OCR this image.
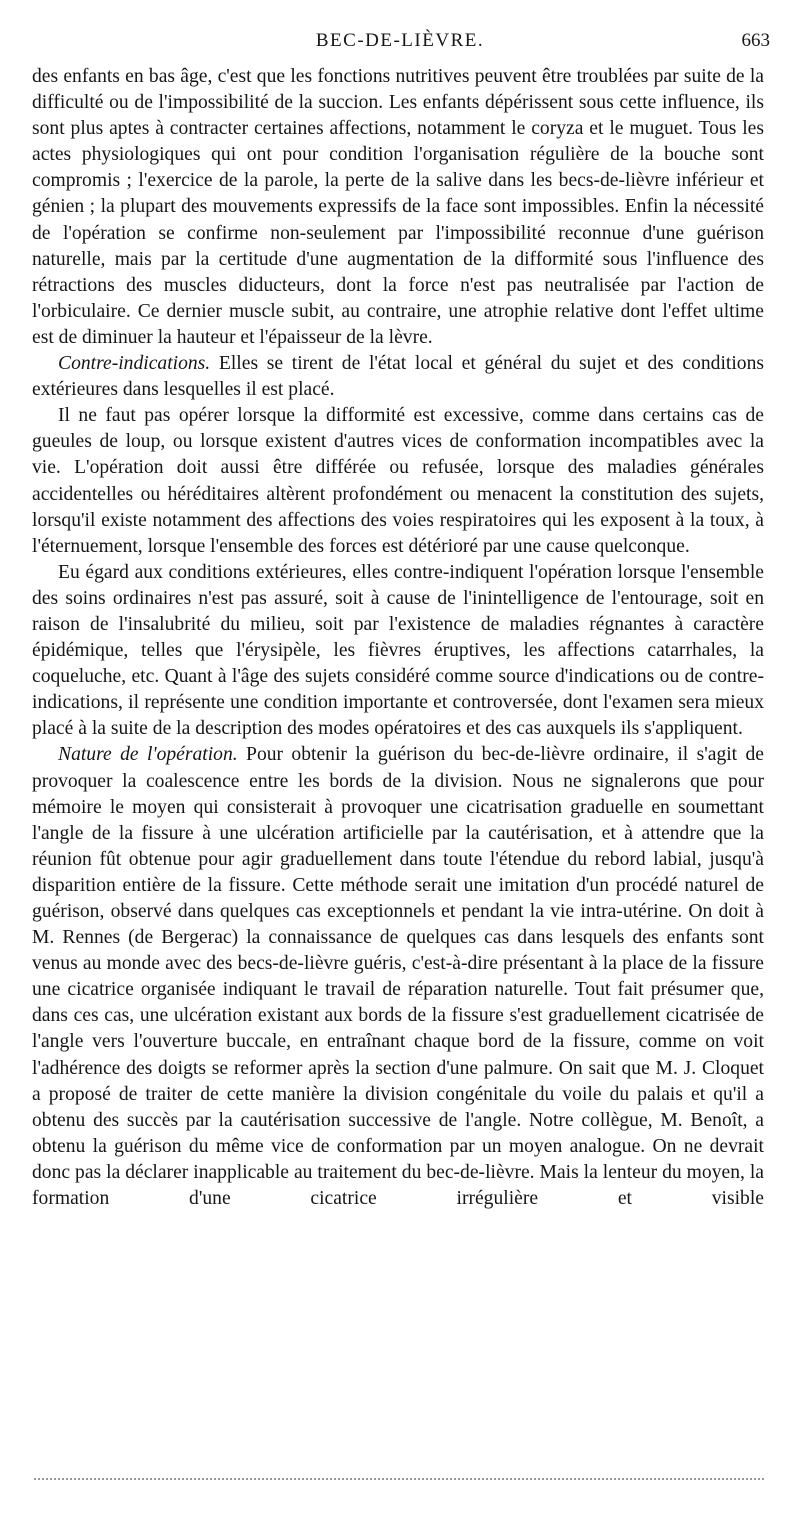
BEC-DE-LIÈVRE.	663

des enfants en bas âge, c'est que les fonctions nutritives peuvent être troublées par suite de la difficulté ou de l'impossibilité de la succion. Les enfants dépérissent sous cette influence, ils sont plus aptes à contracter certaines affections, notamment le coryza et le muguet. Tous les actes physiologiques qui ont pour condition l'organisation régulière de la bouche sont compromis ; l'exercice de la parole, la perte de la salive dans les becs-de-lièvre inférieur et génien ; la plupart des mouvements expressifs de la face sont impossibles. Enfin la nécessité de l'opération se confirme non-seulement par l'impossibilité reconnue d'une guérison naturelle, mais par la certitude d'une augmentation de la difformité sous l'influence des rétractions des muscles diducteurs, dont la force n'est pas neutralisée par l'action de l'orbiculaire. Ce dernier muscle subit, au contraire, une atrophie relative dont l'effet ultime est de diminuer la hauteur et l'épaisseur de la lèvre.

Contre-indications. Elles se tirent de l'état local et général du sujet et des conditions extérieures dans lesquelles il est placé.

Il ne faut pas opérer lorsque la difformité est excessive, comme dans certains cas de gueules de loup, ou lorsque existent d'autres vices de conformation incompatibles avec la vie. L'opération doit aussi être différée ou refusée, lorsque des maladies générales accidentelles ou héréditaires altèrent profondément ou menacent la constitution des sujets, lorsqu'il existe notamment des affections des voies respiratoires qui les exposent à la toux, à l'éternuement, lorsque l'ensemble des forces est détérioré par une cause quelconque.

Eu égard aux conditions extérieures, elles contre-indiquent l'opération lorsque l'ensemble des soins ordinaires n'est pas assuré, soit à cause de l'inintelligence de l'entourage, soit en raison de l'insalubrité du milieu, soit par l'existence de maladies régnantes à caractère épidémique, telles que l'érysipèle, les fièvres éruptives, les affections catarrhales, la coqueluche, etc. Quant à l'âge des sujets considéré comme source d'indications ou de contre-indications, il représente une condition importante et controversée, dont l'examen sera mieux placé à la suite de la description des modes opératoires et des cas auxquels ils s'appliquent.

Nature de l'opération. Pour obtenir la guérison du bec-de-lièvre ordinaire, il s'agit de provoquer la coalescence entre les bords de la division. Nous ne signalerons que pour mémoire le moyen qui consisterait à provoquer une cicatrisation graduelle en soumettant l'angle de la fissure à une ulcération artificielle par la cautérisation, et à attendre que la réunion fût obtenue pour agir graduellement dans toute l'étendue du rebord labial, jusqu'à disparition entière de la fissure. Cette méthode serait une imitation d'un procédé naturel de guérison, observé dans quelques cas exceptionnels et pendant la vie intra-utérine. On doit à M. Rennes (de Bergerac) la connaissance de quelques cas dans lesquels des enfants sont venus au monde avec des becs-de-lièvre guéris, c'est-à-dire présentant à la place de la fissure une cicatrice organisée indiquant le travail de réparation naturelle. Tout fait présumer que, dans ces cas, une ulcération existant aux bords de la fissure s'est graduellement cicatrisée de l'angle vers l'ouverture buccale, en entraînant chaque bord de la fissure, comme on voit l'adhérence des doigts se reformer après la section d'une palmure. On sait que M. J. Cloquet a proposé de traiter de cette manière la division congénitale du voile du palais et qu'il a obtenu des succès par la cautérisation successive de l'angle. Notre collègue, M. Benoît, a obtenu la guérison du même vice de conformation par un moyen analogue. On ne devrait donc pas la déclarer inapplicable au traitement du bec-de-lièvre. Mais la lenteur du moyen, la formation d'une cicatrice irrégulière et visible
